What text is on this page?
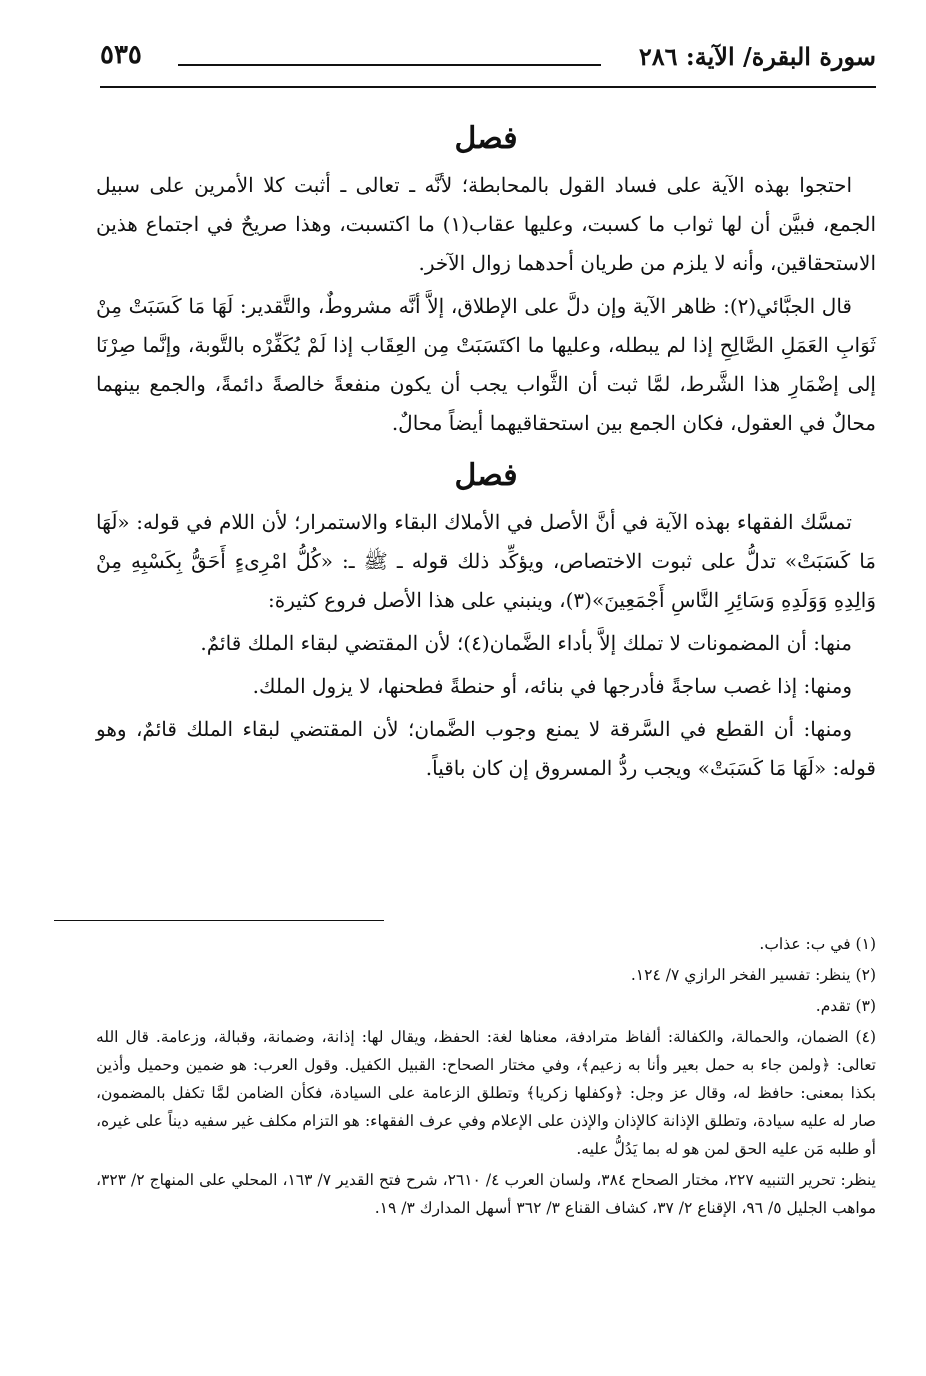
سورة البقرة/ الآية: ٢٨٦
٥٣٥
فصل

احتجوا بهذه الآية على فساد القول بالمحابطة؛ لأنَّه ـ تعالى ـ أثبت كلا الأمرين على سبيل الجمع، فبيَّن أن لها ثواب ما كسبت، وعليها عقاب(١) ما اكتسبت، وهذا صريحٌ في اجتماع هذين الاستحقاقين، وأنه لا يلزم من طريان أحدهما زوال الآخر.

قال الجبَّائي(٢): ظاهر الآية وإن دلَّ على الإطلاق، إلاَّ أنَّه مشروطٌ، والتَّقدير: لَهَا مَا كَسَبَتْ مِنْ ثَوَابِ العَمَلِ الصَّالِحِ إذا لم يبطله، وعليها ما اكتَسَبَتْ مِن العِقَاب إذا لَمْ يُكَفِّرْه بالتَّوبة، وإنَّما صِرْنَا إلى إضْمَارِ هذا الشَّرط، لمَّا ثبت أن الثَّواب يجب أن يكون منفعةً خالصةً دائمةً، والجمع بينهما محالٌ في العقول، فكان الجمع بين استحقاقيهما أيضاً محالٌ.

فصل

تمسَّك الفقهاء بهذه الآية في أنَّ الأصل في الأملاك البقاء والاستمرار؛ لأن اللام في قوله: «لَهَا مَا كَسَبَتْ» تدلُّ على ثبوت الاختصاص، ويؤكِّد ذلك قوله ـ ﷺ ـ: «كُلُّ امْرِىءٍ أَحَقُّ بِكَسْبِهِ مِنْ وَالِدِهِ وَوَلَدِهِ وَسَائِرِ النَّاسِ أَجْمَعِينَ»(٣)، وينبني على هذا الأصل فروع كثيرة:

منها: أن المضمونات لا تملك إلاَّ بأداء الضَّمان(٤)؛ لأن المقتضي لبقاء الملك قائمٌ.

ومنها: إذا غصب ساجةً فأدرجها في بنائه، أو حنطةً فطحنها، لا يزول الملك.

ومنها: أن القطع في السَّرقة لا يمنع وجوب الضَّمان؛ لأن المقتضي لبقاء الملك قائمٌ، وهو قوله: «لَهَا مَا كَسَبَتْ» ويجب ردُّ المسروق إن كان باقياً.

(١) في ب: عذاب.

(٢) ينظر: تفسير الفخر الرازي ٧/ ١٢٤.

(٣) تقدم.

(٤) الضمان، والحمالة، والكفالة: ألفاظ مترادفة، معناها لغة: الحفظ، ويقال لها: إذانة، وضمانة، وقبالة، وزعامة. قال الله تعالى: ﴿ولمن جاء به حمل بعير وأنا به زعيم﴾، وفي مختار الصحاح: القبيل الكفيل. وقول العرب: هو ضمين وحميل وأذين بكذا بمعنى: حافظ له، وقال عز وجل: ﴿وكفلها زكريا﴾ وتطلق الزعامة على السيادة، فكأن الضامن لمَّا تكفل بالمضمون، صار له عليه سيادة، وتطلق الإذانة كالإذان والإذن على الإعلام وفي عرف الفقهاء: هو التزام مكلف غير سفيه ديناً على غيره، أو طلبه مَن عليه الحق لمن هو له بما يَدُلُّ عليه.

ينظر: تحرير التنبيه ٢٢٧، مختار الصحاح ٣٨٤، ولسان العرب ٤/ ٢٦١٠، شرح فتح القدير ٧/ ١٦٣، المحلي على المنهاج ٢/ ٣٢٣، مواهب الجليل ٥/ ٩٦، الإقناع ٢/ ٣٧، كشاف القناع ٣/ ٣٦٢ أسهل المدارك ٣/ ١٩.
